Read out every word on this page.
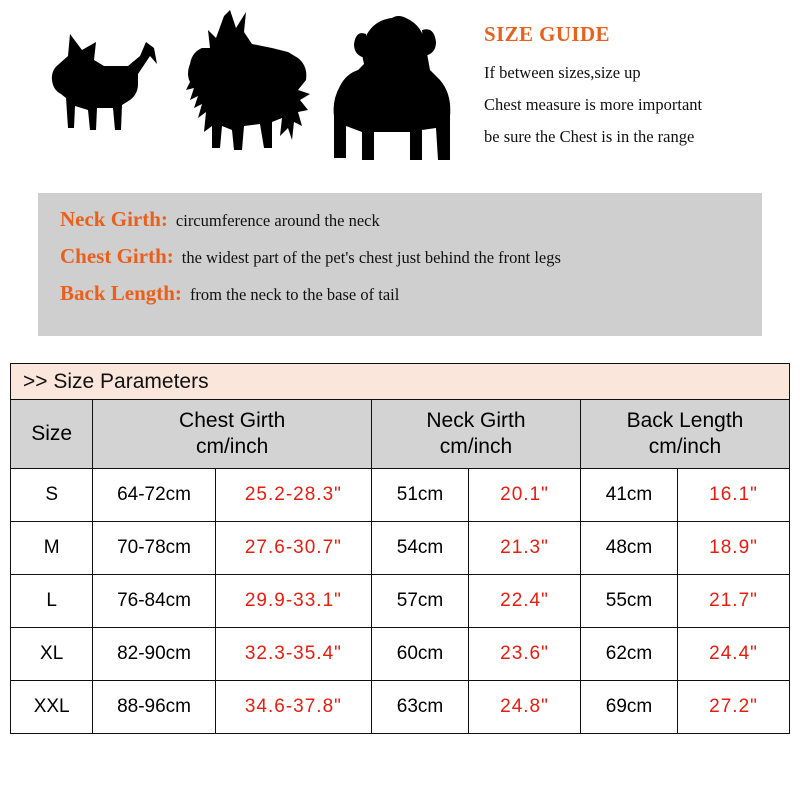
SIZE GUIDE
If between sizes,size up
Chest measure is more important
be sure the Chest is in the range
Neck Girth: circumference around the neck
Chest Girth: the widest part of the pet's chest just behind the front legs
Back Length: from the neck to the base of tail
>> Size Parameters
Size	
Chest Girth
cm/inch

Neck Girth
cm/inch

Back Length
cm/inch

S	64-72cm	25.2-28.3"	51cm	20.1"	41cm	16.1"
M	70-78cm	27.6-30.7"	54cm	21.3"	48cm	18.9"
L	76-84cm	29.9-33.1"	57cm	22.4"	55cm	21.7"
XL	82-90cm	32.3-35.4"	60cm	23.6"	62cm	24.4"
XXL	88-96cm	34.6-37.8"	63cm	24.8"	69cm	27.2"
